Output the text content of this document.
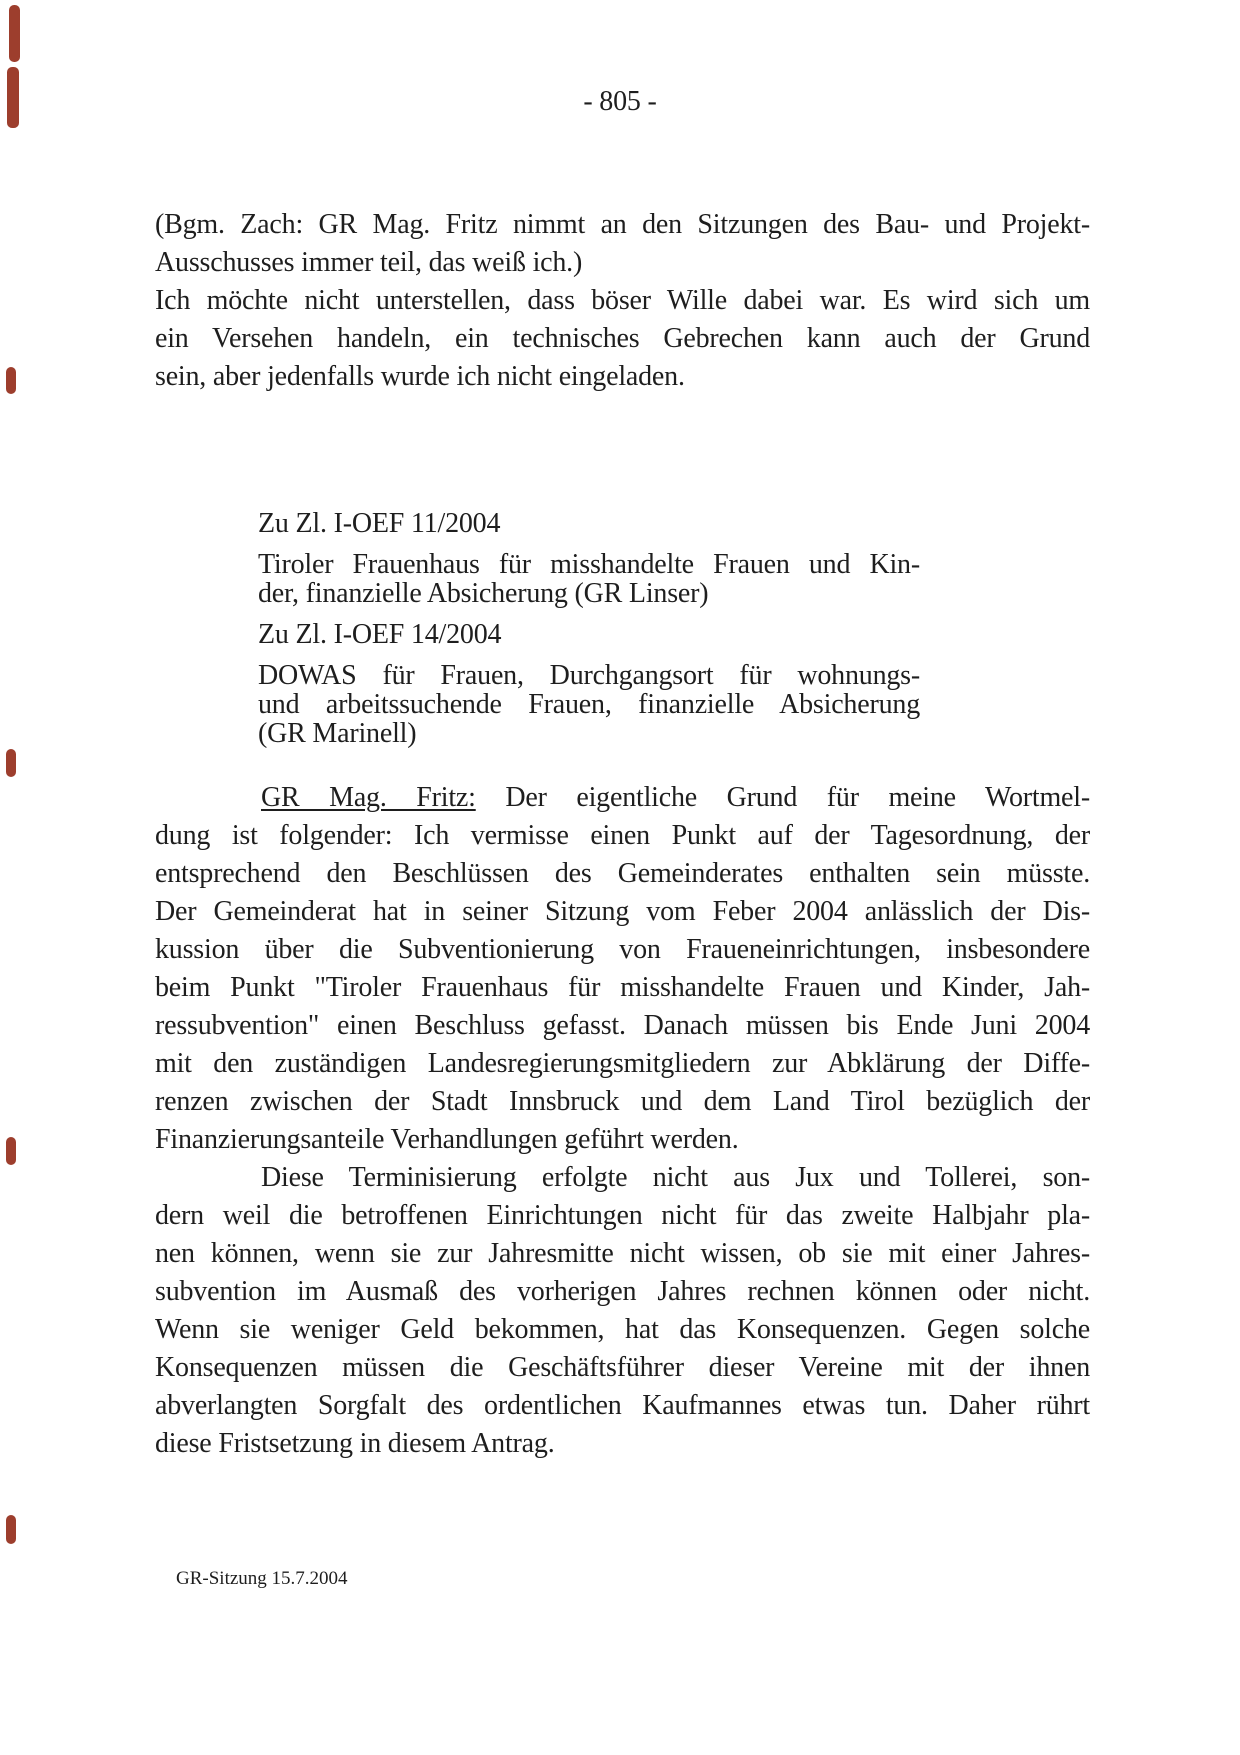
- 805 -
(Bgm. Zach: GR Mag. Fritz nimmt an den Sitzungen des Bau- und Projekt-
Ausschusses immer teil, das weiß ich.)
Ich möchte nicht unterstellen, dass böser Wille dabei war. Es wird sich um
ein Versehen handeln, ein technisches Gebrechen kann auch der Grund
sein, aber jedenfalls wurde ich nicht eingeladen.
Zu Zl. I-OEF 11/2004
Tiroler Frauenhaus für misshandelte Frauen und Kin-
der, finanzielle Absicherung (GR Linser)
Zu Zl. I-OEF 14/2004
DOWAS für Frauen, Durchgangsort für wohnungs-
und arbeitssuchende Frauen, finanzielle Absicherung
(GR Marinell)
GR Mag. Fritz: Der eigentliche Grund für meine Wortmel-
dung ist folgender: Ich vermisse einen Punkt auf der Tagesordnung, der
entsprechend den Beschlüssen des Gemeinderates enthalten sein müsste.
Der Gemeinderat hat in seiner Sitzung vom Feber 2004 anlässlich der Dis-
kussion über die Subventionierung von Fraueneinrichtungen, insbesondere
beim Punkt "Tiroler Frauenhaus für misshandelte Frauen und Kinder, Jah-
ressubvention" einen Beschluss gefasst. Danach müssen bis Ende Juni 2004
mit den zuständigen Landesregierungsmitgliedern zur Abklärung der Diffe-
renzen zwischen der Stadt Innsbruck und dem Land Tirol bezüglich der
Finanzierungsanteile Verhandlungen geführt werden.
Diese Terminisierung erfolgte nicht aus Jux und Tollerei, son-
dern weil die betroffenen Einrichtungen nicht für das zweite Halbjahr pla-
nen können, wenn sie zur Jahresmitte nicht wissen, ob sie mit einer Jahres-
subvention im Ausmaß des vorherigen Jahres rechnen können oder nicht.
Wenn sie weniger Geld bekommen, hat das Konsequenzen. Gegen solche
Konsequenzen müssen die Geschäftsführer dieser Vereine mit der ihnen
abverlangten Sorgfalt des ordentlichen Kaufmannes etwas tun. Daher rührt
diese Fristsetzung in diesem Antrag.
GR-Sitzung 15.7.2004
